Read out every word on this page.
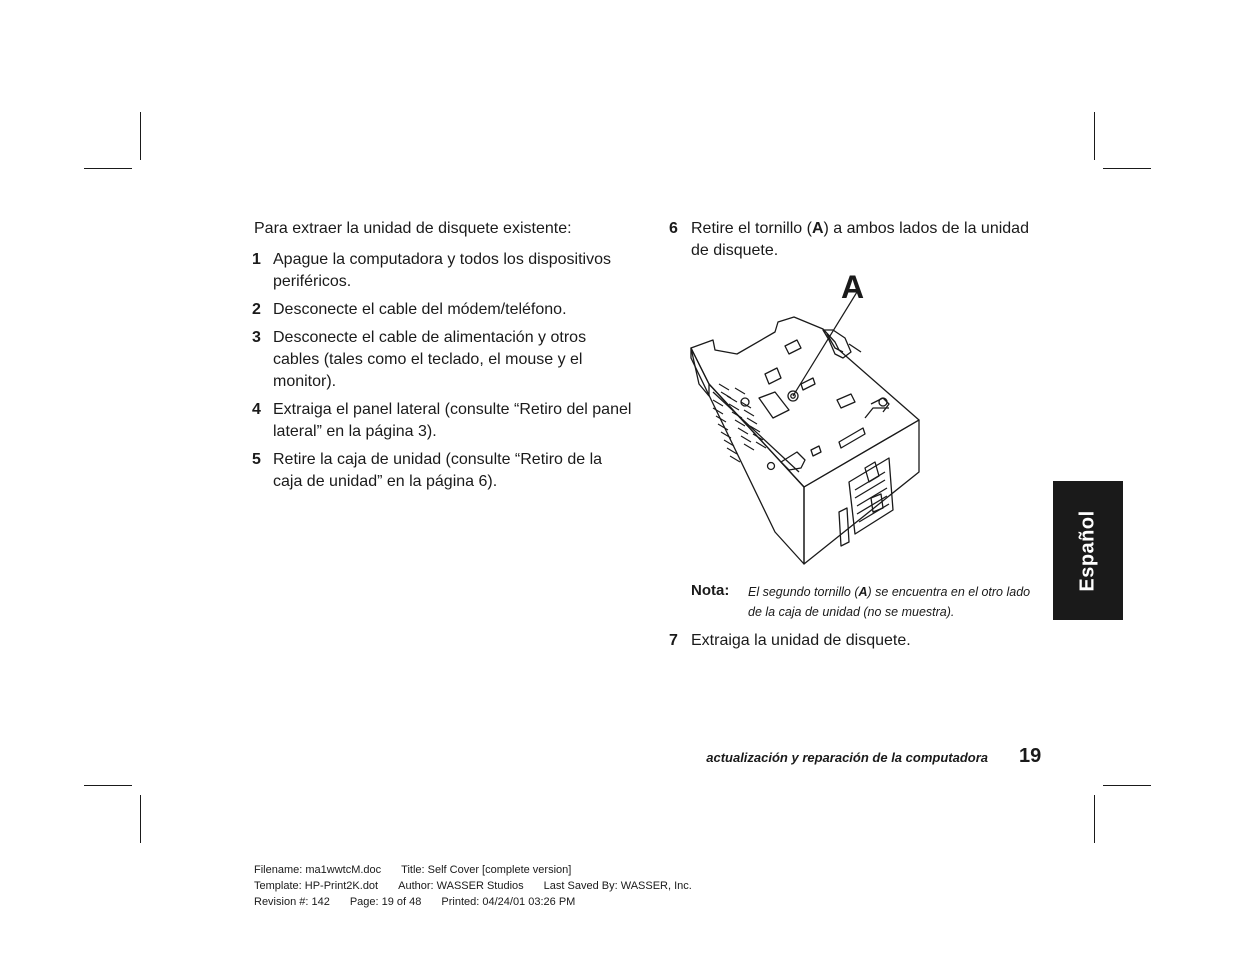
Para extraer la unidad de disquete existente:

1 Apague la computadora y todos los dispositivos periféricos.
2 Desconecte el cable del módem/teléfono.
3 Desconecte el cable de alimentación y otros cables (tales como el teclado, el mouse y el monitor).
4 Extraiga el panel lateral (consulte “Retiro del panel lateral” en la página 3).
5 Retire la caja de unidad (consulte “Retiro de la caja de unidad” en la página 6).
6 Retire el tornillo (A) a ambos lados de la unidad de disquete.
A
Nota: El segundo tornillo (A) se encuentra en el otro lado de la caja de unidad (no se muestra).
7 Extraiga la unidad de disquete.
Español
actualización y reparación de la computadora 19
Filename: ma1wwtcM.doc Title: Self Cover [complete version]
Template: HP-Print2K.dot Author: WASSER Studios Last Saved By: WASSER, Inc.
Revision #: 142 Page: 19 of 48 Printed: 04/24/01 03:26 PM
